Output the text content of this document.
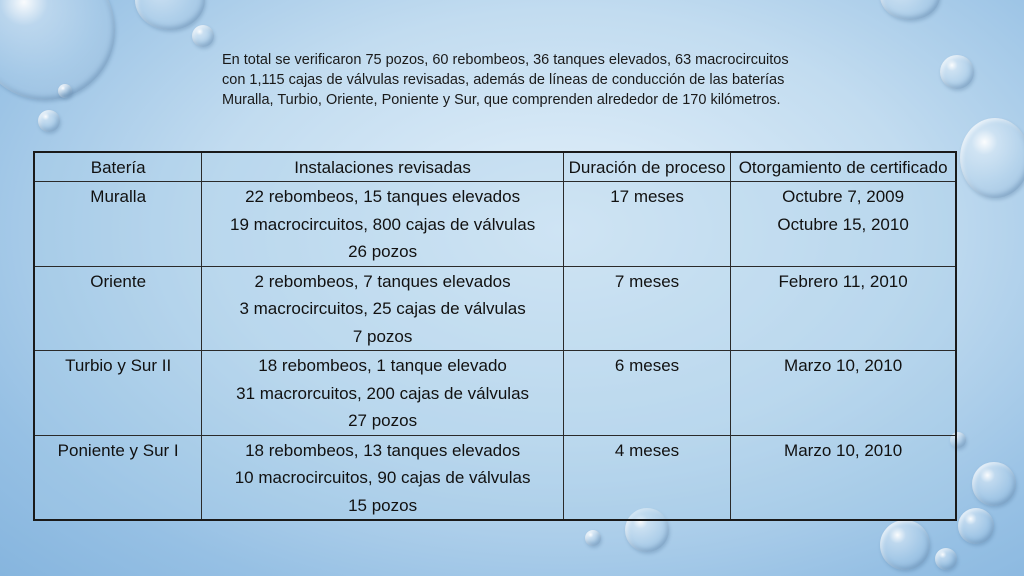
En total se verificaron 75 pozos, 60 rebombeos, 36 tanques elevados, 63 macrocircuitos

con 1,115 cajas de válvulas revisadas, además de líneas de conducción de las baterías

Muralla, Turbio, Oriente, Poniente y Sur, que comprenden alrededor de 170 kilómetros.

Batería	Instalaciones revisadas	Duración de proceso	Otorgamiento de certificado
Muralla	22 rebombeos, 15 tanques elevados
19 macrocircuitos, 800 cajas de válvulas
26 pozos	17 meses	Octubre 7, 2009
Octubre 15, 2010

Oriente	2 rebombeos, 7 tanques elevados
3 macrocircuitos, 25 cajas de válvulas
7 pozos	7 meses	Febrero 11, 2010

Turbio y Sur II	18 rebombeos, 1 tanque elevado
31 macrorcuitos, 200 cajas de válvulas
27 pozos	6 meses	Marzo 10, 2010

Poniente y Sur I	18 rebombeos, 13 tanques elevados
10 macrocircuitos, 90 cajas de válvulas
15 pozos	4 meses	Marzo 10, 2010
